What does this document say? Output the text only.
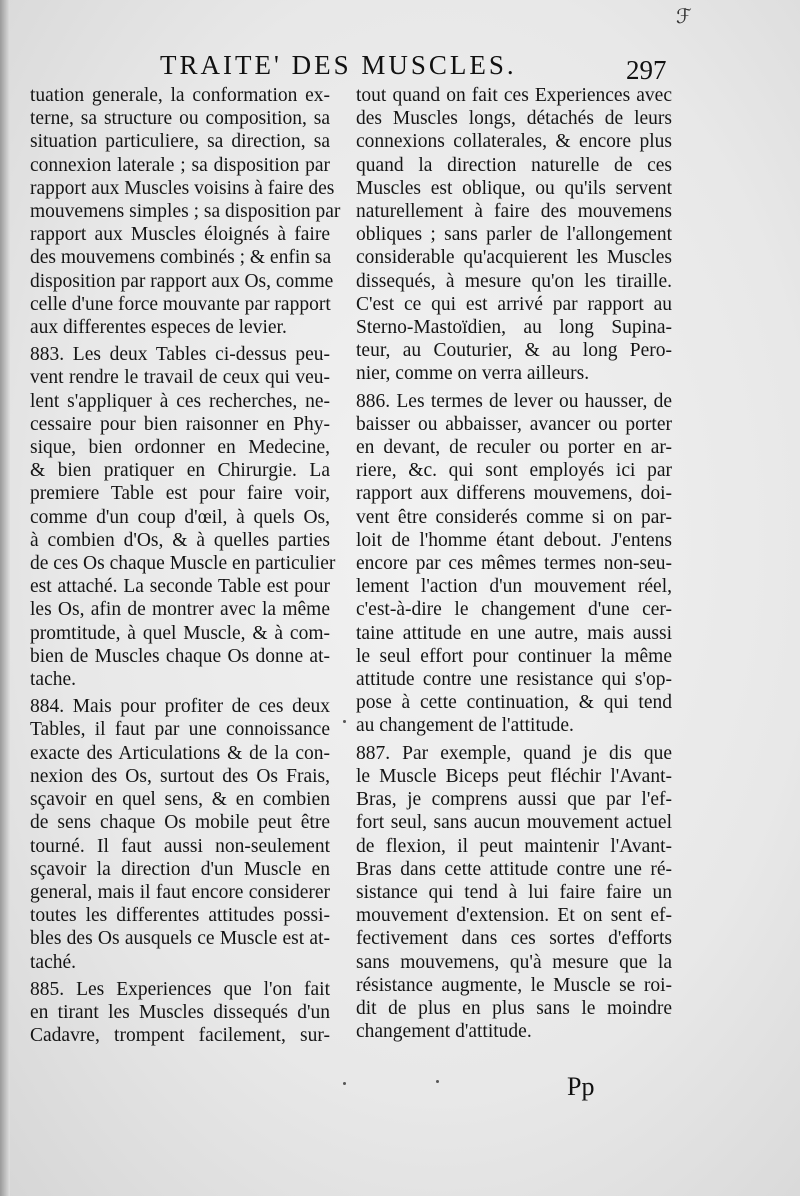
ℱ
TRAITE' DES MUSCLES.	297
tuation generale, la conformation ex-
terne, sa structure ou composition, sa
situation particuliere, sa direction, sa
connexion laterale ; sa disposition par
rapport aux Muscles voisins à faire des
mouvemens simples ; sa disposition par
rapport aux Muscles éloignés à faire
des mouvemens combinés ; & enfin sa
disposition par rapport aux Os, comme
celle d'une force mouvante par rapport
aux differentes especes de levier.
883. Les deux Tables ci-dessus peu-
vent rendre le travail de ceux qui veu-
lent s'appliquer à ces recherches, ne-
cessaire pour bien raisonner en Phy-
sique, bien ordonner en Medecine,
& bien pratiquer en Chirurgie. La
premiere Table est pour faire voir,
comme d'un coup d'œil, à quels Os,
à combien d'Os, & à quelles parties
de ces Os chaque Muscle en particulier
est attaché. La seconde Table est pour
les Os, afin de montrer avec la même
promtitude, à quel Muscle, & à com-
bien de Muscles chaque Os donne at-
tache.
884. Mais pour profiter de ces deux
Tables, il faut par une connoissance
exacte des Articulations & de la con-
nexion des Os, surtout des Os Frais,
sçavoir en quel sens, & en combien
de sens chaque Os mobile peut être
tourné. Il faut aussi non-seulement
sçavoir la direction d'un Muscle en
general, mais il faut encore considerer
toutes les differentes attitudes possi-
bles des Os ausquels ce Muscle est at-
taché.
885. Les Experiences que l'on fait
en tirant les Muscles dissequés d'un
Cadavre, trompent facilement, sur-
tout quand on fait ces Experiences avec
des Muscles longs, détachés de leurs
connexions collaterales, & encore plus
quand la direction naturelle de ces
Muscles est oblique, ou qu'ils servent
naturellement à faire des mouvemens
obliques ; sans parler de l'allongement
considerable qu'acquierent les Muscles
dissequés, à mesure qu'on les tiraille.
C'est ce qui est arrivé par rapport au
Sterno-Mastoïdien, au long Supina-
teur, au Couturier, & au long Pero-
nier, comme on verra ailleurs.
886. Les termes de lever ou hausser, de
baisser ou abbaisser, avancer ou porter
en devant, de reculer ou porter en ar-
riere, &c. qui sont employés ici par
rapport aux differens mouvemens, doi-
vent être considerés comme si on par-
loit de l'homme étant debout. J'entens
encore par ces mêmes termes non-seu-
lement l'action d'un mouvement réel,
c'est-à-dire le changement d'une cer-
taine attitude en une autre, mais aussi
le seul effort pour continuer la même
attitude contre une resistance qui s'op-
pose à cette continuation, & qui tend
au changement de l'attitude.
887. Par exemple, quand je dis que
le Muscle Biceps peut fléchir l'Avant-
Bras, je comprens aussi que par l'ef-
fort seul, sans aucun mouvement actuel
de flexion, il peut maintenir l'Avant-
Bras dans cette attitude contre une ré-
sistance qui tend à lui faire faire un
mouvement d'extension. Et on sent ef-
fectivement dans ces sortes d'efforts
sans mouvemens, qu'à mesure que la
résistance augmente, le Muscle se roi-
dit de plus en plus sans le moindre
changement d'attitude.
Pp
